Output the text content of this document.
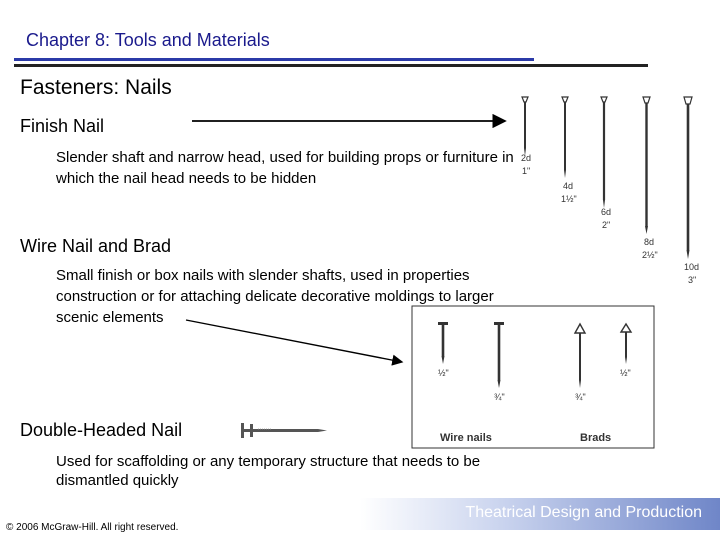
Chapter 8: Tools and Materials
Fasteners: Nails
Finish Nail
Slender shaft and narrow head, used for building props or furniture in
which the nail head needs to be hidden
Wire Nail and Brad
Small finish or box nails with slender shafts, used in properties
construction or for attaching delicate decorative moldings to larger
scenic elements
Double-Headed Nail
Used for scaffolding or any temporary structure that needs to be
dismantled quickly
2d
1"
4d
1½"
6d
2"
8d
2½"
10d
3"
½"
¾"	¾"
½"
Wire nails	Brads
Theatrical Design and Production
© 2006 McGraw-Hill. All right reserved.
